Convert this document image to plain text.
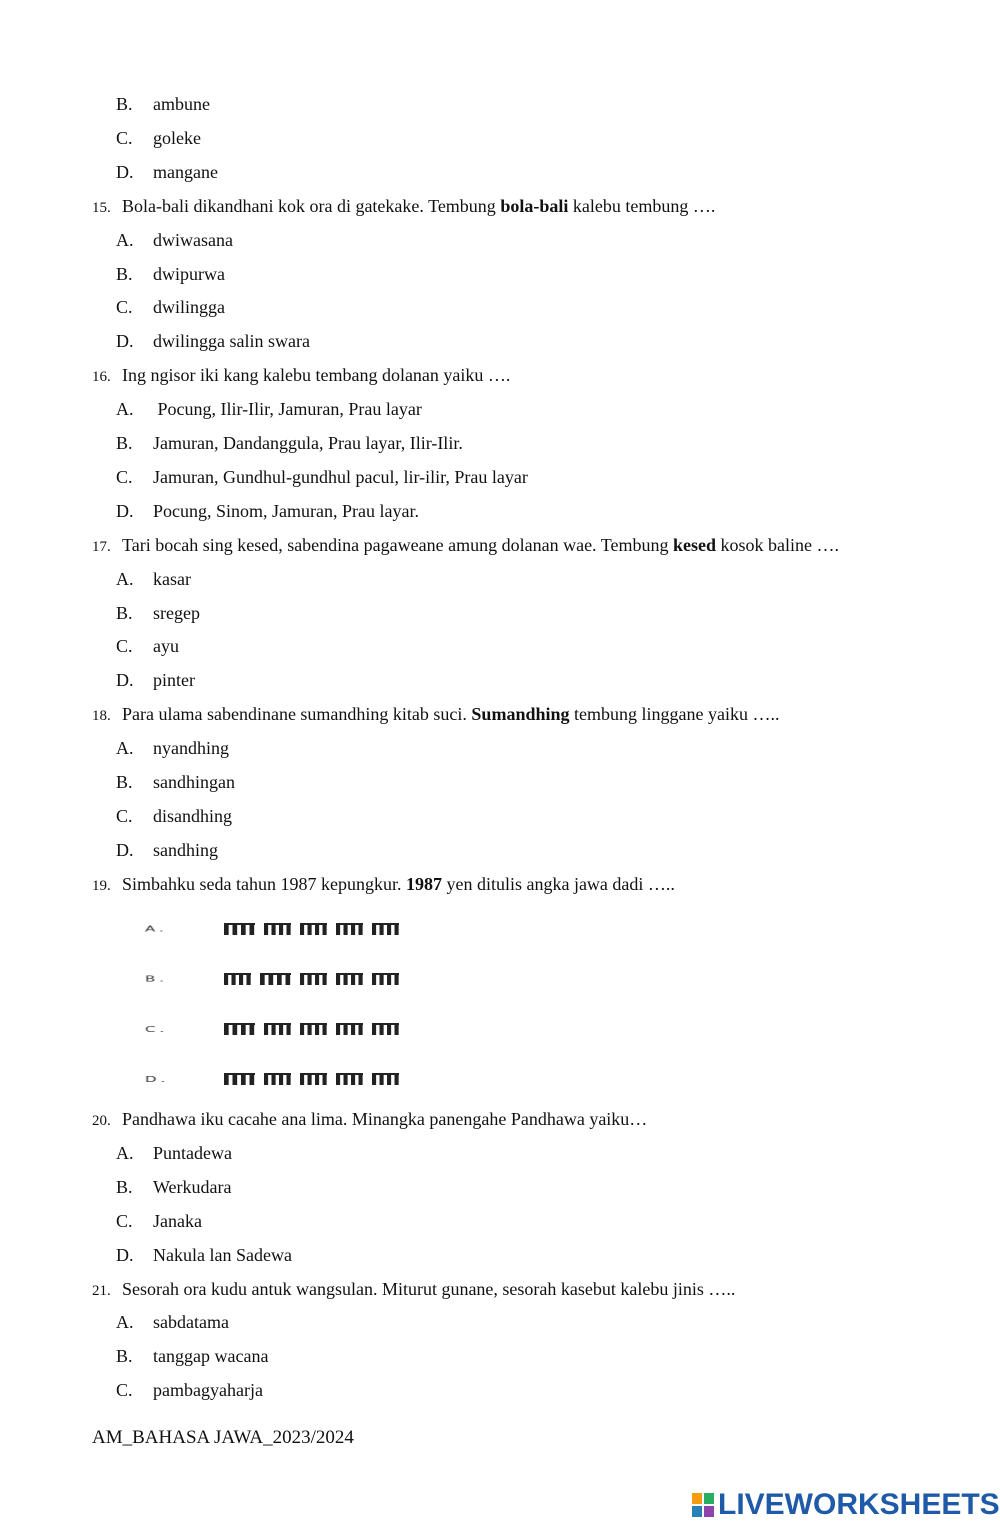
B. ambune
C. goleke
D. mangane
15. Bola-bali dikandhani kok ora di gatekake. Tembung bola-bali kalebu tembung ….
A. dwiwasana
B. dwipurwa
C. dwilingga
D. dwilingga salin swara
16. Ing ngisor iki kang kalebu tembang dolanan yaiku ….
A. Pocung, Ilir-Ilir, Jamuran, Prau layar
B. Jamuran, Dandanggula, Prau layar, Ilir-Ilir.
C. Jamuran, Gundhul-gundhul pacul, lir-ilir, Prau layar
D. Pocung, Sinom, Jamuran, Prau layar.
17. Tari bocah sing kesed, sabendina pagaweane amung dolanan wae. Tembung kesed kosok baline ….
A. kasar
B. sregep
C. ayu
D. pinter
18. Para ulama sabendinane sumandhing kitab suci. Sumandhing tembung linggane yaiku …..
A. nyandhing
B. sandhingan
C. disandhing
D. sandhing
19. Simbahku seda tahun 1987 kepungkur. 1987 yen ditulis angka jawa dadi …..
A.
B.
C.
D.
20. Pandhawa iku cacahe ana lima. Minangka panengahe Pandhawa yaiku…
A. Puntadewa
B. Werkudara
C. Janaka
D. Nakula lan Sadewa
21. Sesorah ora kudu antuk wangsulan. Miturut gunane, sesorah kasebut kalebu jinis …..
A. sabdatama
B. tanggap wacana
C. pambagyaharja
AM_BAHASA JAWA_2023/2024
LIVEWORKSHEETS
